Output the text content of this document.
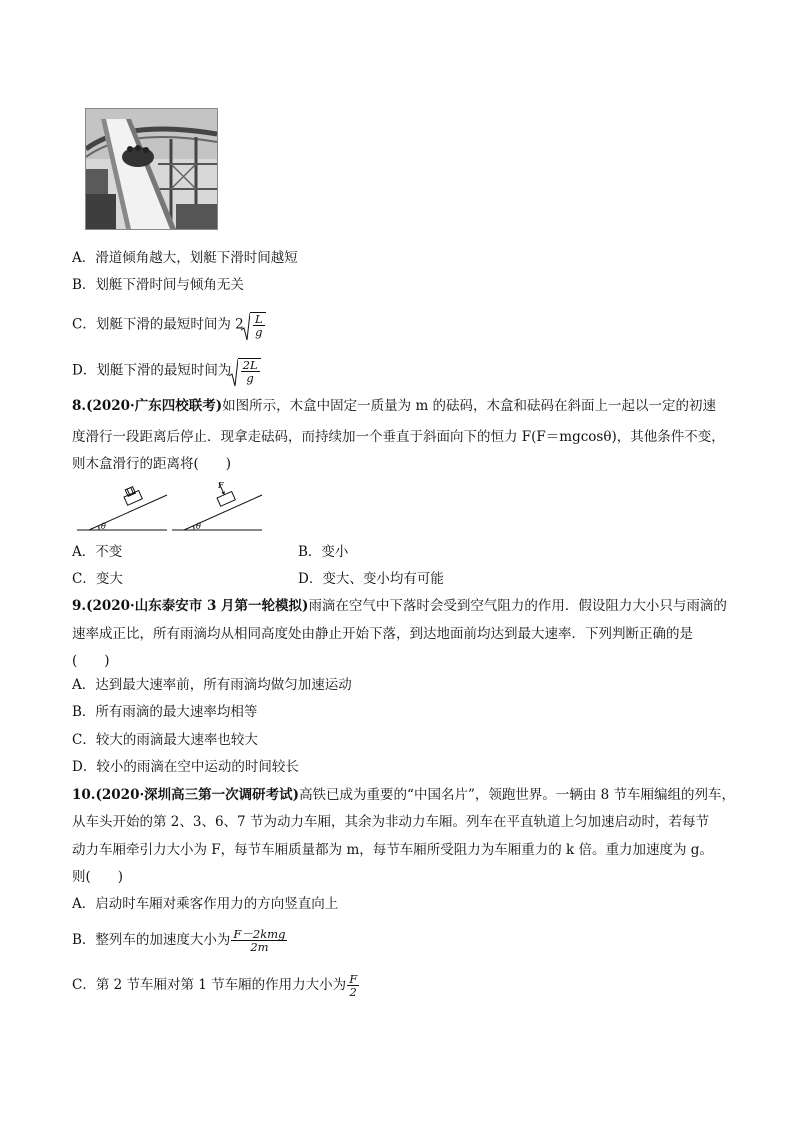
A．滑道倾角越大，划艇下滑时间越短
B．划艇下滑时间与倾角无关
C．划艇下滑的最短时间为 $2 \frac{L}{g}$
D．划艇下滑的最短时间为 $\frac{2L}{g}$
8.(2020·广东四校联考)如图所示，木盒中固定一质量为 m 的砝码，木盒和砝码在斜面上一起以一定的初速
度滑行一段距离后停止．现拿走砝码，而持续加一个垂直于斜面向下的恒力 F(F＝mgcosθ)，其他条件不变，
则木盒滑行的距离将(　　)
θ
F
θ
A．不变	B．变小
C．变大	D．变大、变小均有可能
9.(2020·山东泰安市 3 月第一轮模拟)雨滴在空气中下落时会受到空气阻力的作用．假设阻力大小只与雨滴的
速率成正比，所有雨滴均从相同高度处由静止开始下落，到达地面前均达到最大速率．下列判断正确的是
(　　)
A．达到最大速率前，所有雨滴均做匀加速运动
B．所有雨滴的最大速率均相等
C．较大的雨滴最大速率也较大
D．较小的雨滴在空中运动的时间较长
10.(2020·深圳高三第一次调研考试)高铁已成为重要的“中国名片”，领跑世界。一辆由 8 节车厢编组的列车，
从车头开始的第 2、3、6、7 节为动力车厢，其余为非动力车厢。列车在平直轨道上匀加速启动时，若每节
动力车厢牵引力大小为 F，每节车厢质量都为 m，每节车厢所受阻力为车厢重力的 k 倍。重力加速度为 g。
则(　　)
A．启动时车厢对乘客作用力的方向竖直向上
B．整列车的加速度大小为 $\frac{\text{F－2kmg}}{2m}$
C．第 2 节车厢对第 1 节车厢的作用力大小为 $\frac{F}{2}$
